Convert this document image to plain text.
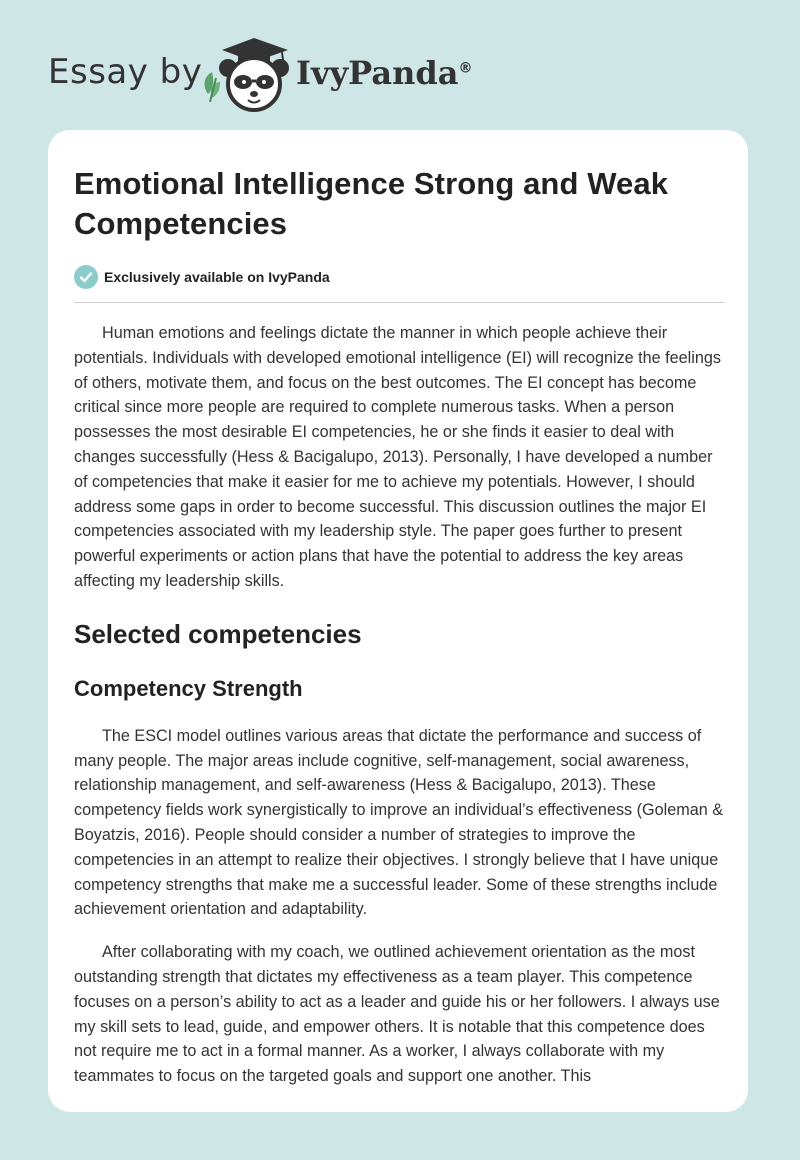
Essay by	IvyPanda®
Emotional Intelligence Strong and Weak Competencies
Exclusively available on IvyPanda

Human emotions and feelings dictate the manner in which people achieve their potentials. Individuals with developed emotional intelligence (EI) will recognize the feelings of others, motivate them, and focus on the best outcomes. The EI concept has become critical since more people are required to complete numerous tasks. When a person possesses the most desirable EI competencies, he or she finds it easier to deal with changes successfully (Hess & Bacigalupo, 2013). Personally, I have developed a number of competencies that make it easier for me to achieve my potentials. However, I should address some gaps in order to become successful. This discussion outlines the major EI competencies associated with my leadership style. The paper goes further to present powerful experiments or action plans that have the potential to address the key areas affecting my leadership skills.

Selected competencies
Competency Strength

The ESCI model outlines various areas that dictate the performance and success of many people. The major areas include cognitive, self-management, social awareness, relationship management, and self-awareness (Hess & Bacigalupo, 2013). These competency fields work synergistically to improve an individual’s effectiveness (Goleman & Boyatzis, 2016). People should consider a number of strategies to improve the competencies in an attempt to realize their objectives. I strongly believe that I have unique competency strengths that make me a successful leader. Some of these strengths include achievement orientation and adaptability.

After collaborating with my coach, we outlined achievement orientation as the most outstanding strength that dictates my effectiveness as a team player. This competence focuses on a person’s ability to act as a leader and guide his or her followers. I always use my skill sets to lead, guide, and empower others. It is notable that this competence does not require me to act in a formal manner. As a worker, I always collaborate with my teammates to focus on the targeted goals and support one another. This
